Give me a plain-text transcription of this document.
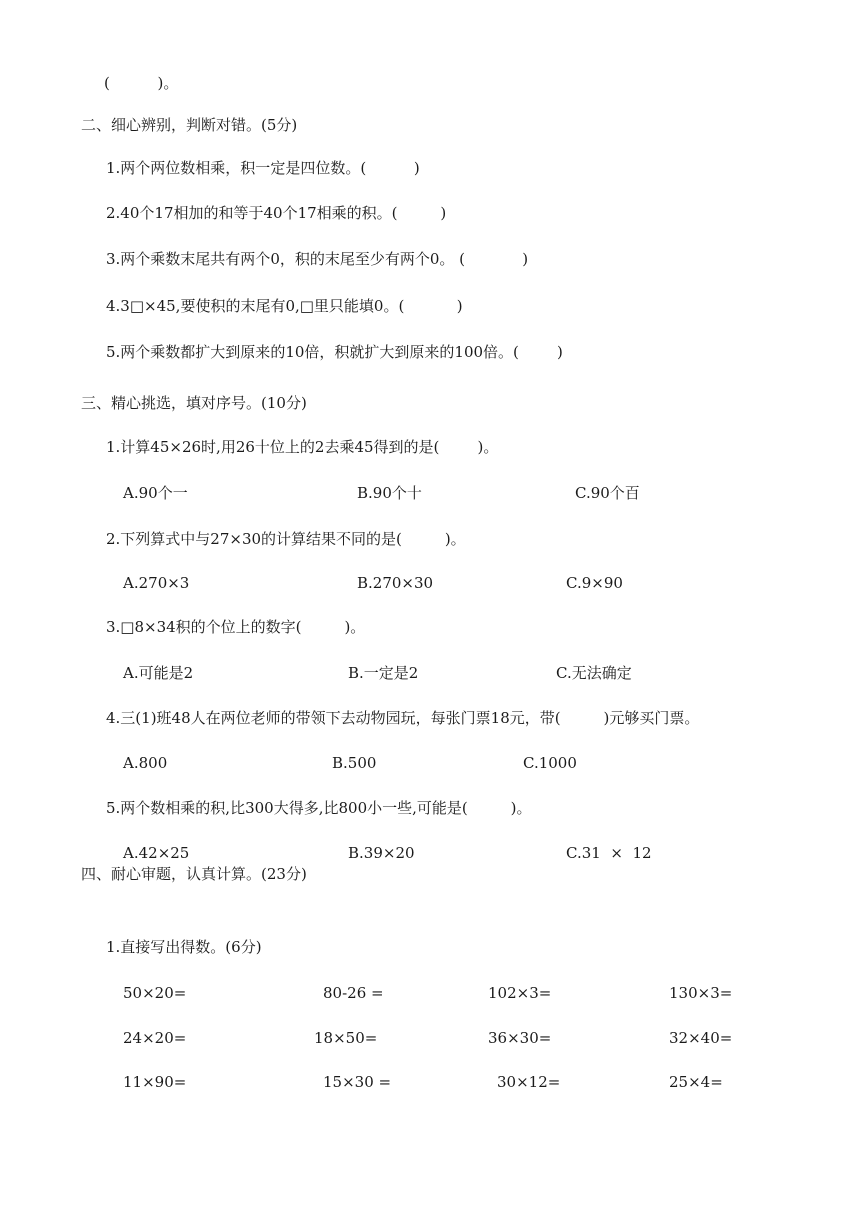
(          )。
二、细心辨别，判断对错。(5分)
1.两个两位数相乘，积一定是四位数。(          )
2.40个17相加的和等于40个17相乘的积。(         )
3.两个乘数末尾共有两个0，积的末尾至少有两个0。 (            )
4.3□×45,要使积的末尾有0,□里只能填0。(           )
5.两个乘数都扩大到原来的10倍，积就扩大到原来的100倍。(        )
三、精心挑选，填对序号。(10分)
1.计算45×26时,用26十位上的2去乘45得到的是(        )。
A.90个一	B.90个十	C.90个百
2.下列算式中与27×30的计算结果不同的是(         )。
A.270×3	B.270×30	C.9×90
3.□8×34积的个位上的数字(         )。
A.可能是2	B.一定是2	C.无法确定
4.三(1)班48人在两位老师的带领下去动物园玩，每张门票18元，带(         )元够买门票。
A.800	B.500	C.1000
5.两个数相乘的积,比300大得多,比800小一些,可能是(         )。
A.42×25	B.39×20	C.31  ×  12
四、耐心审题，认真计算。(23分)
1.直接写出得数。(6分)
50×20=	80-26 =	102×3=	130×3=
24×20=	18×50=	36×30=	32×40=
11×90=	15×30 =	30×12=	25×4=
